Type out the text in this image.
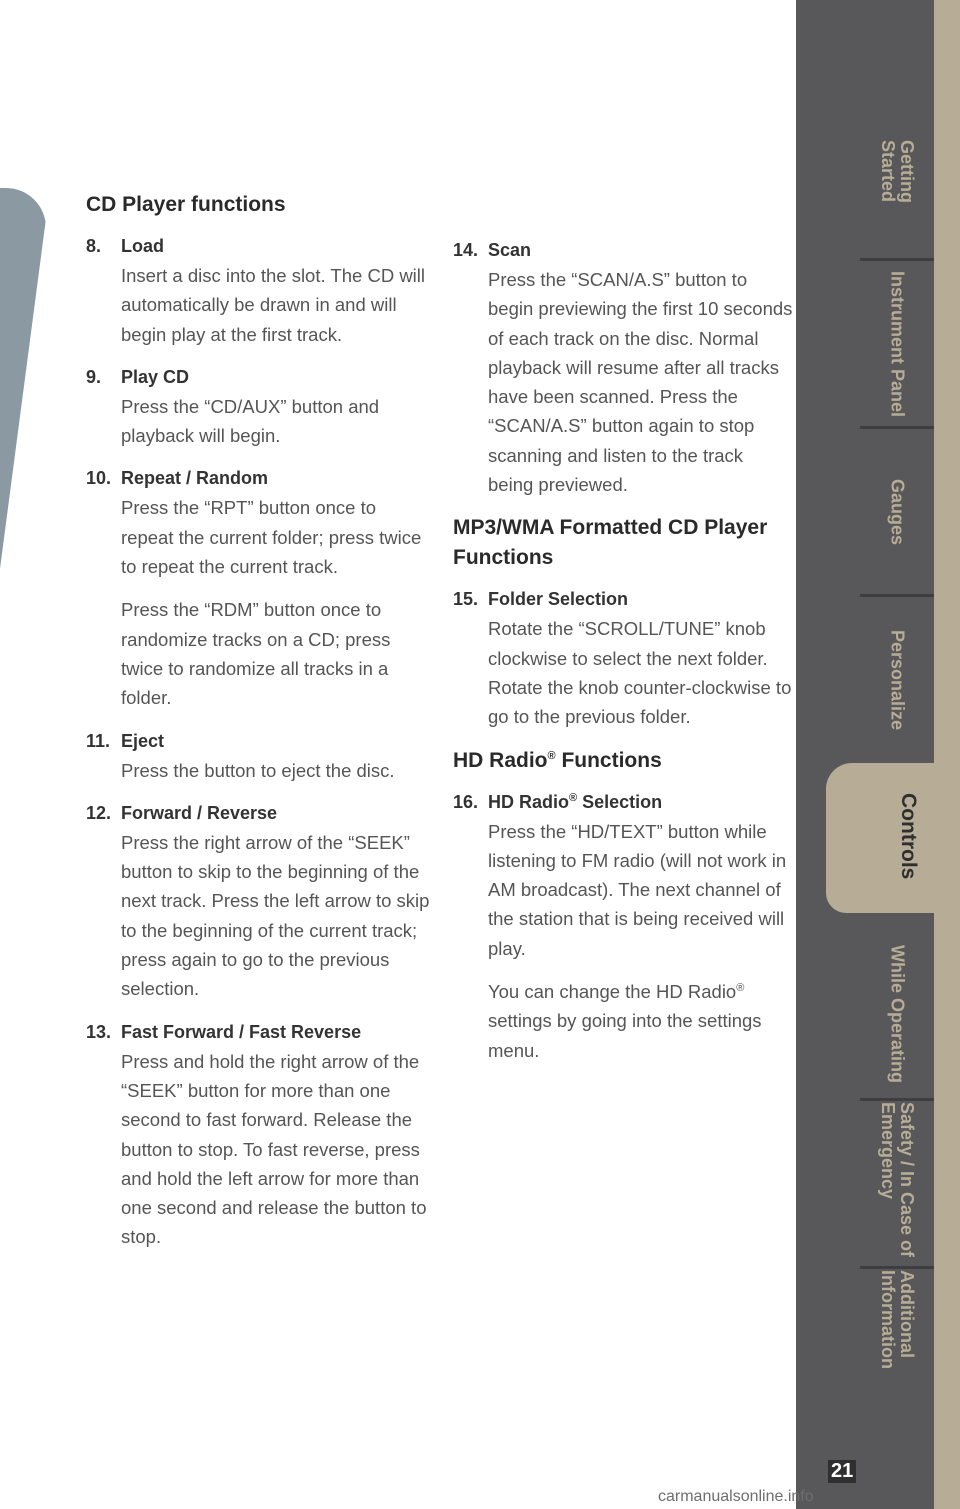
CD Player functions
8.	Load

Insert a disc into the slot. The CD will automatically be drawn in and will begin play at the first track.

9.	Play CD

Press the “CD/AUX” button and playback will begin.

10. Repeat / Random

Press the “RPT” button once to repeat the current folder; press twice to repeat the current track.

Press the “RDM” button once to randomize tracks on a CD; press twice to randomize all tracks in a folder.

11. Eject

Press the button to eject the disc.

12. Forward / Reverse

Press the right arrow of the “SEEK” button to skip to the beginning of the next track. Press the left arrow to skip to the beginning of the current track; press again to go to the previous selection.

13. Fast Forward / Fast Reverse

Press and hold the right arrow of the “SEEK” button for more than one second to fast forward. Release the button to stop. To fast reverse, press and hold the left arrow for more than one second and release the button to stop.

14. Scan

Press the “SCAN/A.S” button to begin previewing the first 10 seconds of each track on the disc. Normal playback will resume after all tracks have been scanned. Press the “SCAN/A.S” button again to stop scanning and listen to the track being previewed.

MP3/WMA Formatted CD Player Functions
15. Folder Selection

Rotate the “SCROLL/TUNE” knob clockwise to select the next folder. Rotate the knob counter-clockwise to go to the previous folder.

HD Radio® Functions
16. HD Radio® Selection

Press the “HD/TEXT” button while listening to FM radio (will not work in AM broadcast). The next channel of the station that is being received will play.

You can change the HD Radio® settings by going into the settings menu.

Getting Started
Instrument Panel
Gauges
Personalize
Controls
While Operating
Safety / In Case of Emergency
Additional Information
21
carmanualsonline.info
